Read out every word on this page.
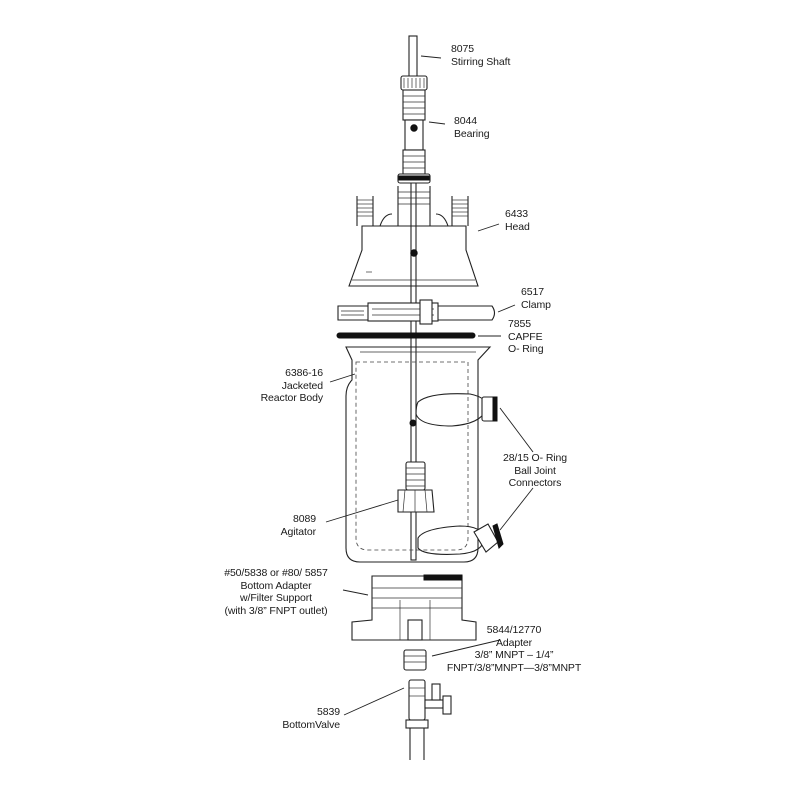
8075
Stirring Shaft
8044
Bearing
6433
Head
6517
Clamp
7855
CAPFE
O- Ring
6386-16
Jacketed
Reactor Body
28/15 O- Ring
Ball Joint
Connectors
8089
Agitator
#50/5838 or #80/ 5857
Bottom Adapter
w/Filter Support
(with 3/8” FNPT outlet)
5844/12770
Adapter
3/8” MNPT – 1/4”
FNPT/3/8”MNPT—3/8”MNPT
5839
BottomValve
